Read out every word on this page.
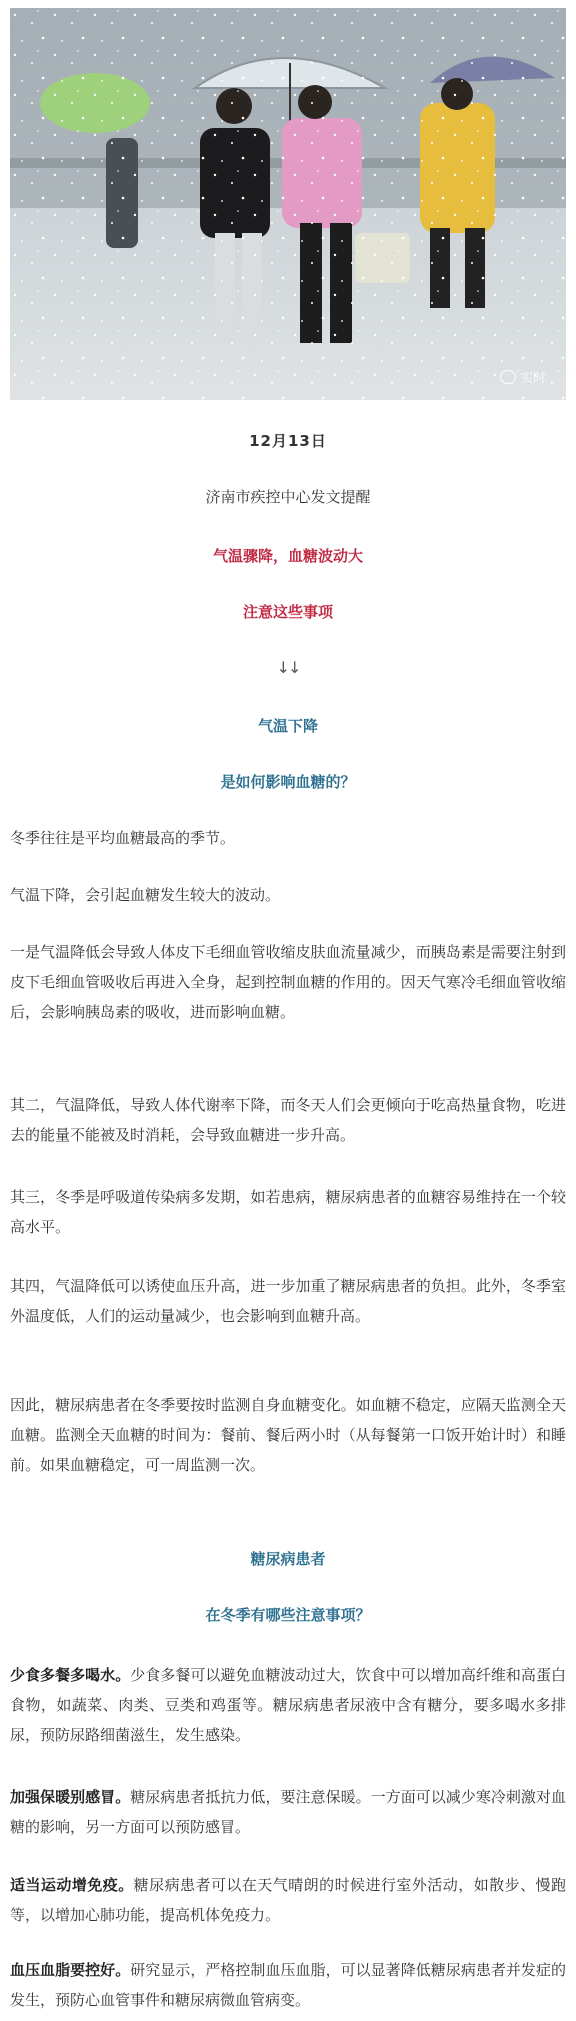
实时
12月13日
济南市疾控中心发文提醒
气温骤降，血糖波动大
注意这些事项
↓↓
气温下降
是如何影响血糖的？

冬季往往是平均血糖最高的季节。

气温下降，会引起血糖发生较大的波动。

一是气温降低会导致人体皮下毛细血管收缩皮肤血流量减少，而胰岛素是需要注射到皮下毛细血管吸收后再进入全身，起到控制血糖的作用的。因天气寒冷毛细血管收缩后，会影响胰岛素的吸收，进而影响血糖。

其二，气温降低，导致人体代谢率下降，而冬天人们会更倾向于吃高热量食物，吃进去的能量不能被及时消耗，会导致血糖进一步升高。

其三，冬季是呼吸道传染病多发期，如若患病，糖尿病患者的血糖容易维持在一个较高水平。

其四，气温降低可以诱使血压升高，进一步加重了糖尿病患者的负担。此外，冬季室外温度低，人们的运动量减少，也会影响到血糖升高。

因此，糖尿病患者在冬季要按时监测自身血糖变化。如血糖不稳定，应隔天监测全天血糖。监测全天血糖的时间为：餐前、餐后两小时（从每餐第一口饭开始计时）和睡前。如果血糖稳定，可一周监测一次。

糖尿病患者
在冬季有哪些注意事项？

少食多餐多喝水。少食多餐可以避免血糖波动过大，饮食中可以增加高纤维和高蛋白食物，如蔬菜、肉类、豆类和鸡蛋等。糖尿病患者尿液中含有糖分，要多喝水多排尿，预防尿路细菌滋生，发生感染。

加强保暖别感冒。糖尿病患者抵抗力低，要注意保暖。一方面可以减少寒冷刺激对血糖的影响，另一方面可以预防感冒。

适当运动增免疫。糖尿病患者可以在天气晴朗的时候进行室外活动，如散步、慢跑等，以增加心肺功能，提高机体免疫力。

血压血脂要控好。研究显示，严格控制血压血脂，可以显著降低糖尿病患者并发症的发生，预防心血管事件和糖尿病微血管病变。
